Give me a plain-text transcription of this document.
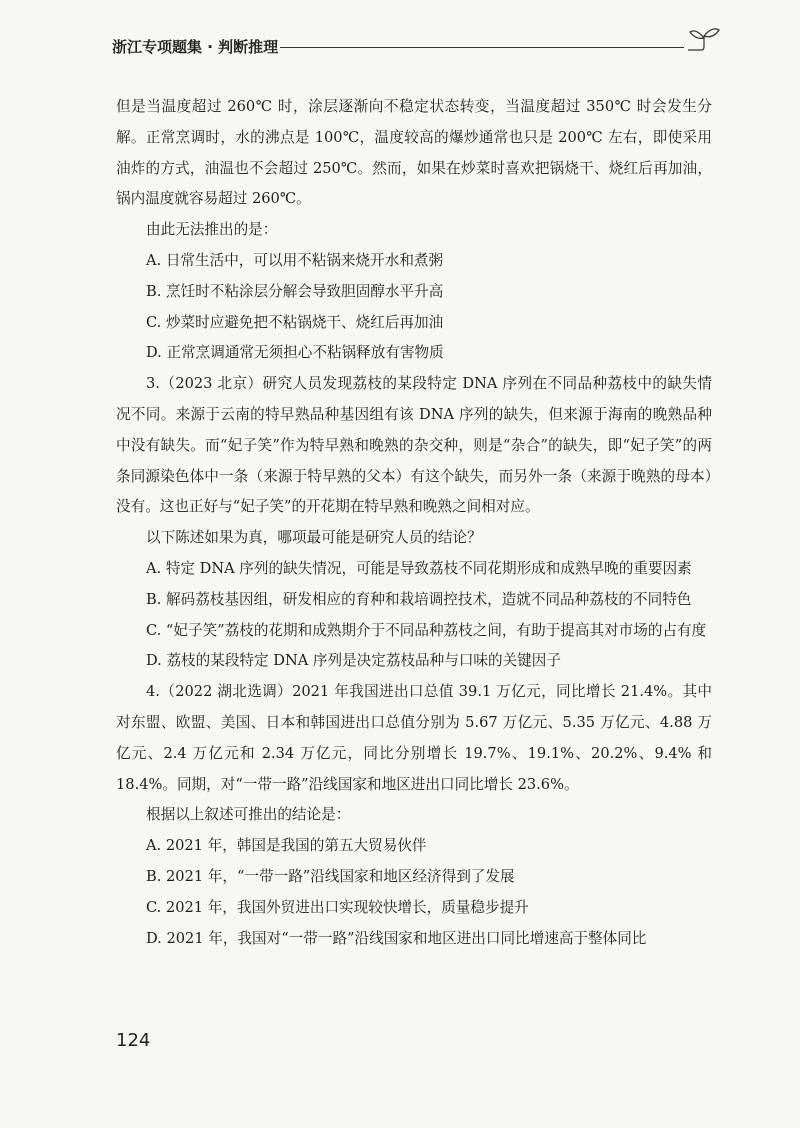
浙江专项题集 · 判断推理

但是当温度超过 260℃ 时，涂层逐渐向不稳定状态转变，当温度超过 350℃ 时会发生分解。正常烹调时，水的沸点是 100℃，温度较高的爆炒通常也只是 200℃ 左右，即使采用油炸的方式，油温也不会超过 250℃。然而，如果在炒菜时喜欢把锅烧干、烧红后再加油，锅内温度就容易超过 260℃。

由此无法推出的是：

A. 日常生活中，可以用不粘锅来烧开水和煮粥

B. 烹饪时不粘涂层分解会导致胆固醇水平升高

C. 炒菜时应避免把不粘锅烧干、烧红后再加油

D. 正常烹调通常无须担心不粘锅释放有害物质

3.（2023 北京）研究人员发现荔枝的某段特定 DNA 序列在不同品种荔枝中的缺失情况不同。来源于云南的特早熟品种基因组有该 DNA 序列的缺失，但来源于海南的晚熟品种中没有缺失。而“妃子笑”作为特早熟和晚熟的杂交种，则是“杂合”的缺失，即“妃子笑”的两条同源染色体中一条（来源于特早熟的父本）有这个缺失，而另外一条（来源于晚熟的母本）没有。这也正好与“妃子笑”的开花期在特早熟和晚熟之间相对应。

以下陈述如果为真，哪项最可能是研究人员的结论？

A. 特定 DNA 序列的缺失情况，可能是导致荔枝不同花期形成和成熟早晚的重要因素

B. 解码荔枝基因组，研发相应的育种和栽培调控技术，造就不同品种荔枝的不同特色

C. “妃子笑”荔枝的花期和成熟期介于不同品种荔枝之间，有助于提高其对市场的占有度

D. 荔枝的某段特定 DNA 序列是决定荔枝品种与口味的关键因子

4.（2022 湖北选调）2021 年我国进出口总值 39.1 万亿元，同比增长 21.4%。其中对东盟、欧盟、美国、日本和韩国进出口总值分别为 5.67 万亿元、5.35 万亿元、4.88 万亿元、2.4 万亿元和 2.34 万亿元，同比分别增长 19.7%、19.1%、20.2%、9.4% 和 18.4%。同期，对“一带一路”沿线国家和地区进出口同比增长 23.6%。

根据以上叙述可推出的结论是：

A. 2021 年，韩国是我国的第五大贸易伙伴

B. 2021 年，“一带一路”沿线国家和地区经济得到了发展

C. 2021 年，我国外贸进出口实现较快增长，质量稳步提升

D. 2021 年，我国对“一带一路”沿线国家和地区进出口同比增速高于整体同比

124
